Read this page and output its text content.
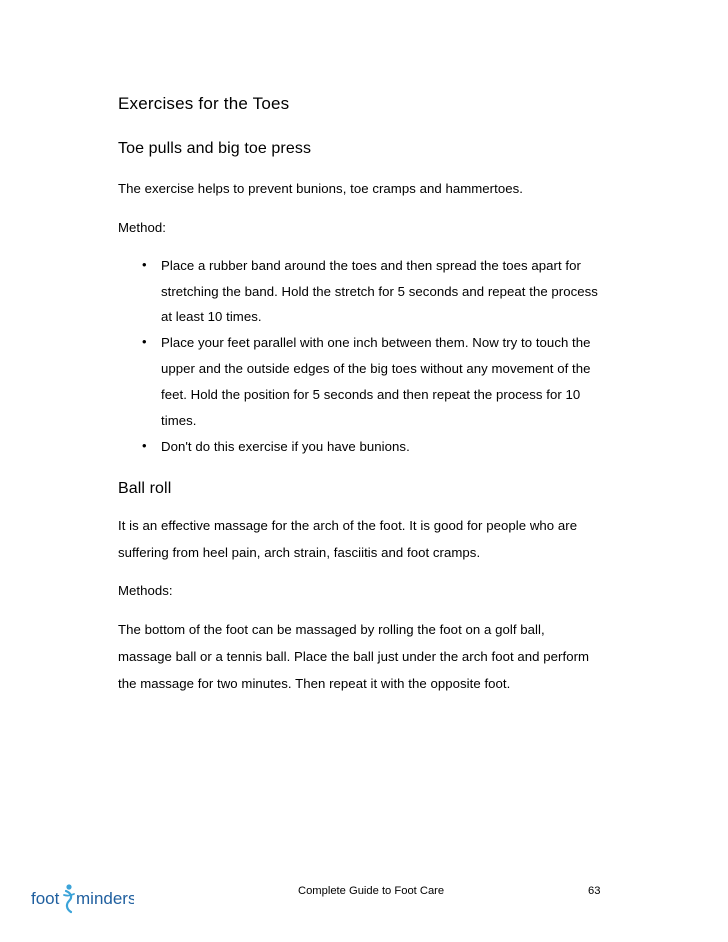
Exercises for the Toes
Toe pulls and big toe press
The exercise helps to prevent bunions, toe cramps and hammertoes.
Method:
• Place a rubber band around the toes and then spread the toes apart for
stretching the band. Hold the stretch for 5 seconds and repeat the process
at least 10 times.
• Place your feet parallel with one inch between them. Now try to touch the
upper and the outside edges of the big toes without any movement of the
feet. Hold the position for 5 seconds and then repeat the process for 10
times.
• Don't do this exercise if you have bunions.
Ball roll
It is an effective massage for the arch of the foot. It is good for people who are
suffering from heel pain, arch strain, fasciitis and foot cramps.
Methods:
The bottom of the foot can be massaged by rolling the foot on a golf ball,
massage ball or a tennis ball. Place the ball just under the arch foot and perform
the massage for two minutes. Then repeat it with the opposite foot.
foot minders	Complete Guide to Foot Care	63
